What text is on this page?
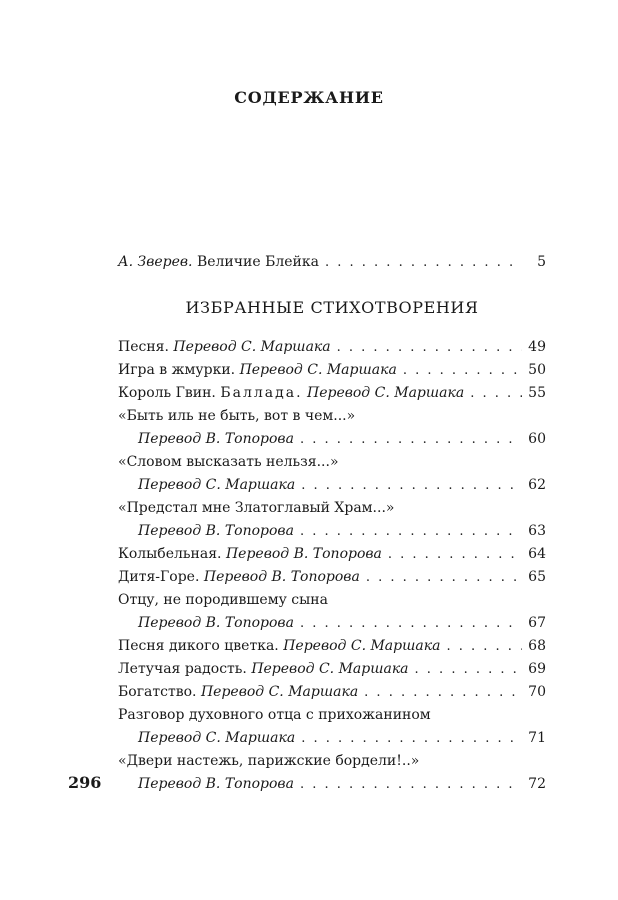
СОДЕРЖАНИЕ
А. Зверев. Величие Блейка . . .	5
ИЗБРАННЫЕ СТИХОТВОРЕНИЯ
Песня. Перевод С. Маршака . . .	49
Игра в жмурки. Перевод С. Маршака . . .	50
Король Гвин. Баллада. Перевод С. Маршака . . .	55
«Быть иль не быть, вот в чем...»
Перевод В. Топорова . . .	60
«Словом высказать нельзя...»
Перевод С. Маршака . . .	62
«Предстал мне Златоглавый Храм...»
Перевод В. Топорова . . .	63
Колыбельная. Перевод В. Топорова . . .	64
Дитя-Горе. Перевод В. Топорова . . .	65
Отцу, не породившему сына
Перевод В. Топорова . . .	67
Песня дикого цветка. Перевод С. Маршака . . .	68
Летучая радость. Перевод С. Маршака . . .	69
Богатство. Перевод С. Маршака . . .	70
Разговор духовного отца с прихожанином
Перевод С. Маршака . . .	71
«Двери настежь, парижские бордели!..»
Перевод В. Топорова . . .	72
296
